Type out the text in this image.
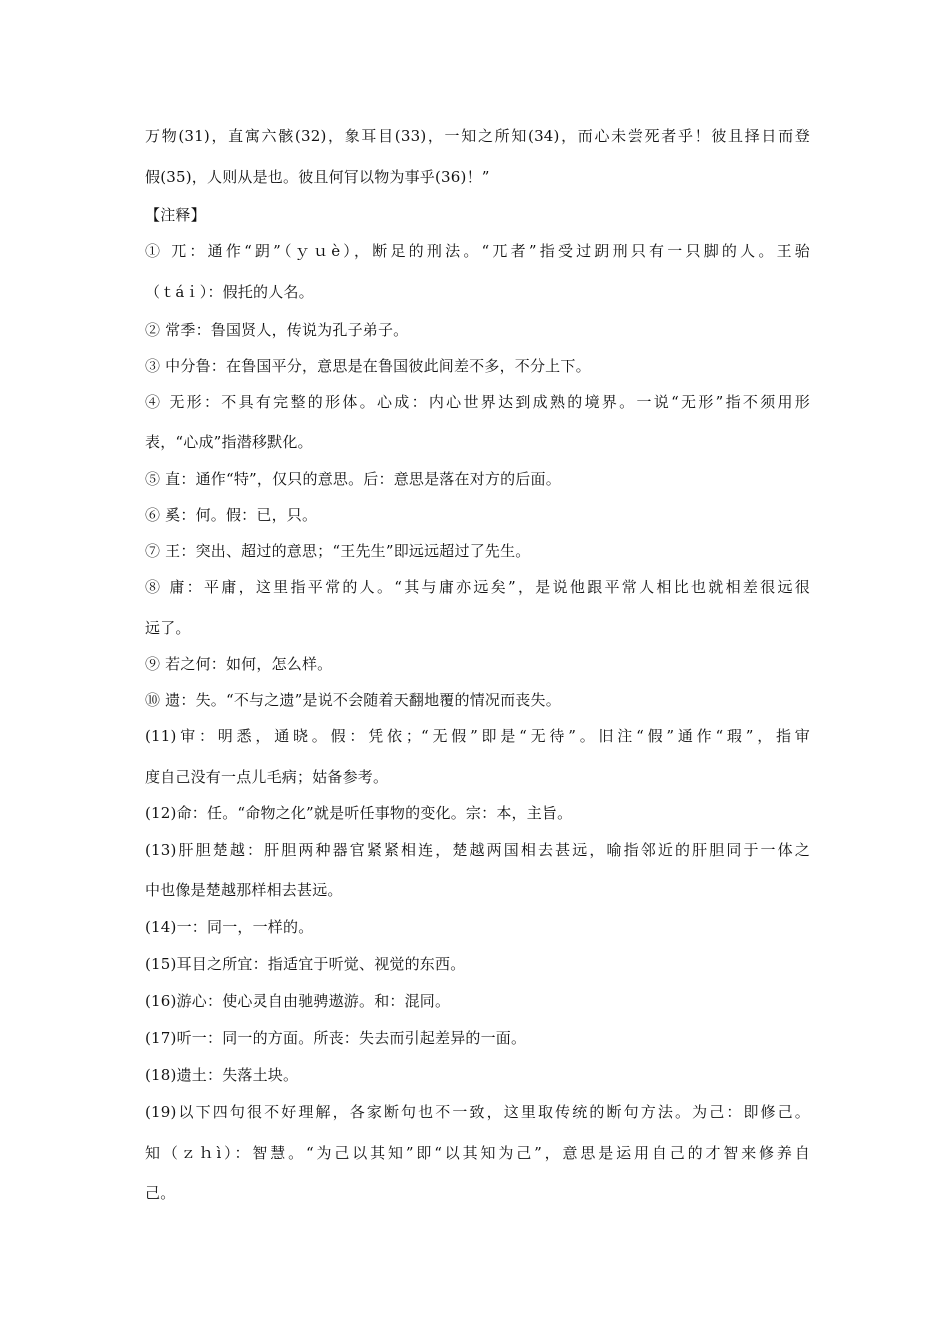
万物(31)，直寓六骸(32)，象耳目(33)，一知之所知(34)，而心未尝死者乎！彼且择日而登
假(35)，人则从是也。彼且何肎以物为事乎(36)！”
【注释】
① 兀：通作“跀”（ｙｕè），断足的刑法。“兀者”指受过跀刑只有一只脚的人。王骀
（ｔáｉ）：假托的人名。
② 常季：鲁国贤人，传说为孔子弟子。
③ 中分鲁：在鲁国平分，意思是在鲁国彼此间差不多，不分上下。
④ 无形：不具有完整的形体。心成：内心世界达到成熟的境界。一说“无形”指不须用形
表，“心成”指潜移默化。
⑤ 直：通作“特”，仅只的意思。后：意思是落在对方的后面。
⑥ 奚：何。假：已，只。
⑦ 王：突出、超过的意思；“王先生”即远远超过了先生。
⑧ 庸：平庸，这里指平常的人。“其与庸亦远矣”，是说他跟平常人相比也就相差很远很
远了。
⑨ 若之何：如何，怎么样。
⑩ 遗：失。“不与之遗”是说不会随着天翻地覆的情况而丧失。
(11)审：明悉，通晓。假：凭依；“无假”即是“无待”。旧注“假”通作“瑕”，指审
度自己没有一点儿毛病；姑备参考。
(12)命：任。“命物之化”就是听任事物的变化。宗：本，主旨。
(13)肝胆楚越：肝胆两种器官紧紧相连，楚越两国相去甚远，喻指邻近的肝胆同于一体之
中也像是楚越那样相去甚远。
(14)一：同一，一样的。
(15)耳目之所宜：指适宜于听觉、视觉的东西。
(16)游心：使心灵自由驰骋遨游。和：混同。
(17)听一：同一的方面。所丧：失去而引起差异的一面。
(18)遗土：失落土块。
(19)以下四句很不好理解，各家断句也不一致，这里取传统的断句方法。为己：即修己。
知（ｚｈì）：智慧。“为己以其知”即“以其知为己”，意思是运用自己的才智来修养自
己。
